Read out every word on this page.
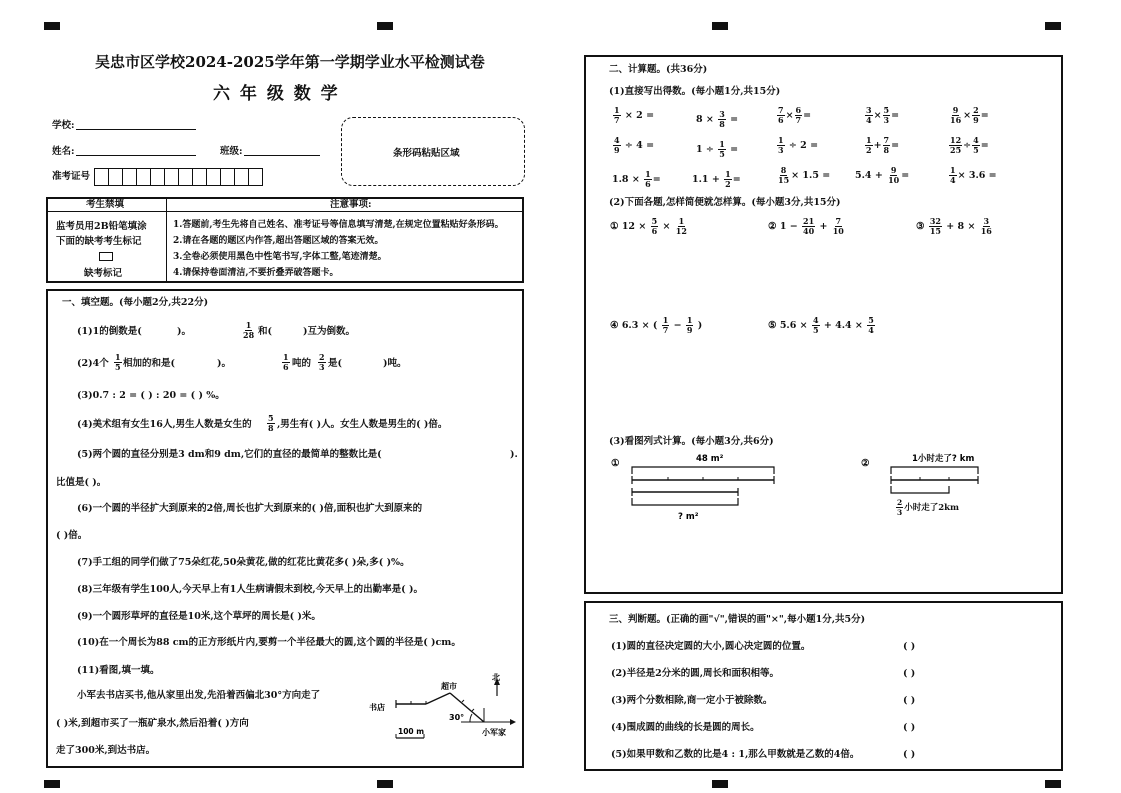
吴忠市区学校2024-2025学年第一学期学业水平检测试卷
六 年 级 数 学
学校:
姓名:	班级:
准考证号
条形码粘贴区域
考生禁填
监考员用2B铅笔填涂
下面的缺考考生标记
缺考标记
注意事项:
1.答题前,考生先将自己姓名、准考证号等信息填写清楚,在规定位置粘贴好条形码。
2.请在各题的题区内作答,超出答题区域的答案无效。
3.全卷必须使用黑色中性笔书写,字体工整,笔迹清楚。
4.请保持卷面清洁,不要折叠弄破答题卡。
一、填空题。(每小题2分,共22分)
(1)1的倒数是(	)。	$\frac{1}{28}$ 和(	)互为倒数。
(2)4个 $\frac{1}{5}$ 相加的和是(	)。	$\frac{1}{6}$ 吨的 $\frac{2}{3}$ 是(	)吨。
(3)0.7 : 2 = ( ) : 20 = ( ) %。
(4)美术组有女生16人,男生人数是女生的 $\frac{5}{8}$ ,男生有( )人。女生人数是男生的( )倍。
(5)两个圆的直径分别是3 dm和9 dm,它们的直径的最简单的整数比是(	).
比值是( )。
(6)一个圆的半径扩大到原来的2倍,周长也扩大到原来的( )倍,面积也扩大到原来的
( )倍。
(7)手工组的同学们做了75朵红花,50朵黄花,做的红花比黄花多( )朵,多( )%。
(8)三年级有学生100人,今天早上有1人生病请假未到校,今天早上的出勤率是( )。
(9)一个圆形草坪的直径是10米,这个草坪的周长是( )米。
(10)在一个周长为88 cm的正方形纸片内,要剪一个半径最大的圆,这个圆的半径是( )cm。
(11)看图,填一填。
小军去书店买书,他从家里出发,先沿着西偏北30°方向走了
( )米,到超市买了一瓶矿泉水,然后沿着( )方向
走了300米,到达书店。
超市
北
书店
小军家
30°
100 m
二、计算题。(共36分)
(1)直接写出得数。(每小题1分,共15分)
$\frac{1}{7} \times 2$ =	$8 \times \frac{3}{8}$ =	$\frac{7}{6} \times \frac{6}{7}$ =	$\frac{3}{4} \times \frac{5}{3}$ =	$\frac{9}{16} \times \frac{2}{9}$ =
$\frac{4}{9} \div 4$ =	$1 \div \frac{1}{5}$ =	$\frac{1}{3} \div 2$ =	$\frac{1}{2} + \frac{7}{8}$ =	$\frac{12}{25} \div \frac{4}{5}$ =
$1.8 \times \frac{1}{6}$ =	$1.1 + \frac{1}{2}$ =	$\frac{8}{15} \times 1.5$ =	$5.4 + \frac{9}{10}$ =	$\frac{1}{4} \times 3.6$ =
(2)下面各题,怎样简便就怎样算。(每小题3分,共15分)
① $12 \times \frac{5}{6} \times \frac{1}{12}$	② $1 - \frac{21}{40} + \frac{7}{10}$	③ $\frac{32}{15} + 8 \times \frac{3}{16}$
④ 6.3 × ( $\frac{1}{7} - \frac{1}{9}$ )	⑤ $5.6 \times \frac{4}{5} + 4.4 \times \frac{5}{4}$
(3)看图列式计算。(每小题3分,共6分)
①	48 m²
? m²
②	1小时走了? km
$\frac{2}{3}$ 小时走了2km
三、判断题。(正确的画"√",错误的画"×",每小题1分,共5分)
(1)圆的直径决定圆的大小,圆心决定圆的位置。	( )
(2)半径是2分米的圆,周长和面积相等。	( )
(3)两个分数相除,商一定小于被除数。	( )
(4)围成圆的曲线的长是圆的周长。	( )
(5)如果甲数和乙数的比是4 : 1,那么甲数就是乙数的4倍。	( )
